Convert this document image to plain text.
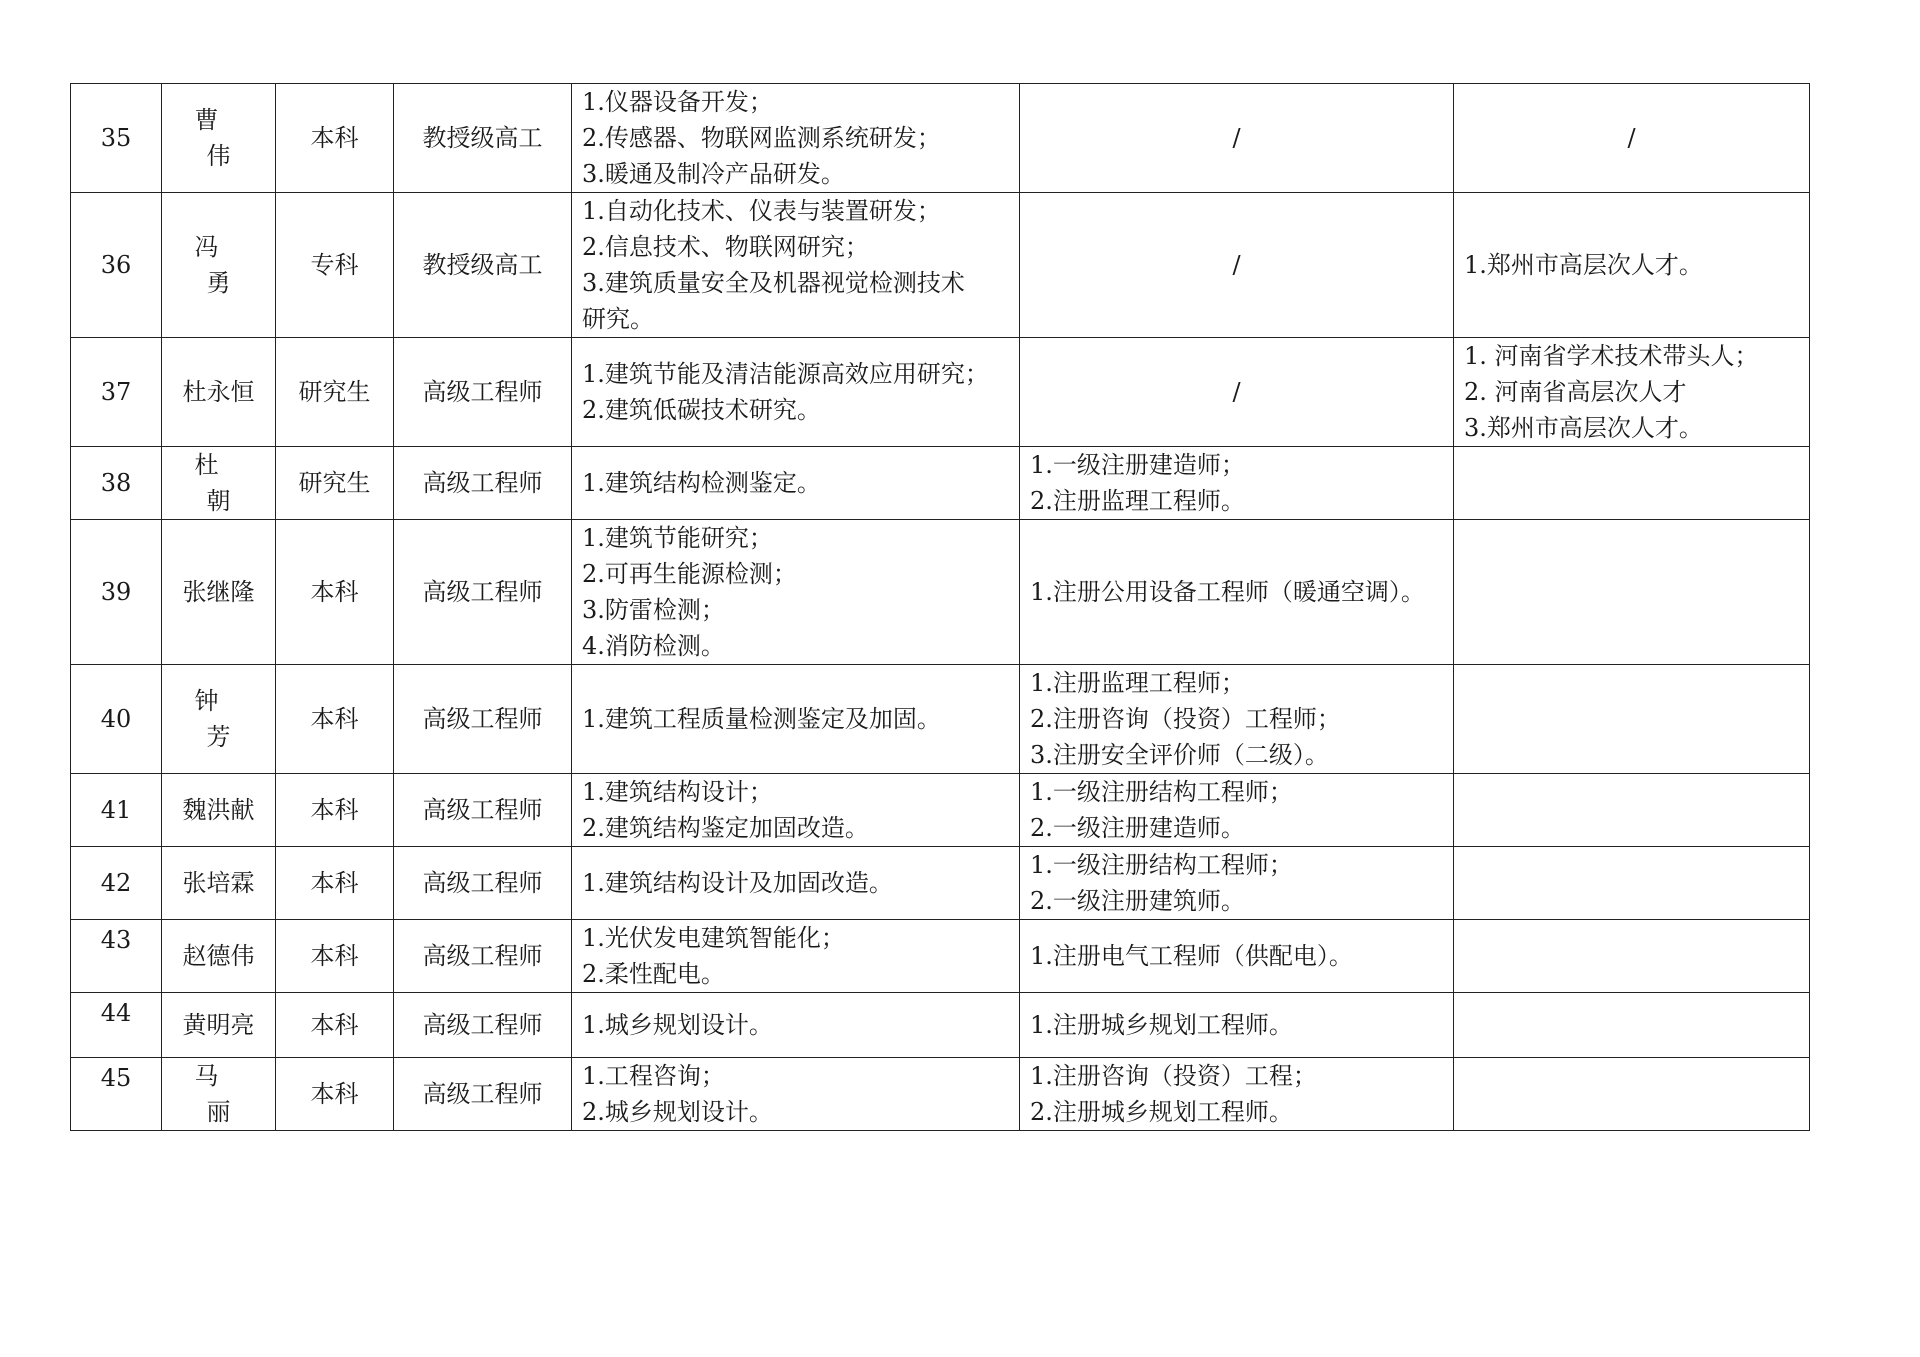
35	曹 伟	本科	教授级高工	1.仪器设备开发；
2.传感器、物联网监测系统研发；
3.暖通及制冷产品研发。	/	/

36	冯 勇	专科	教授级高工	1.自动化技术、仪表与装置研发；
2.信息技术、物联网研究；
3.建筑质量安全及机器视觉检测技术
研究。	/	1.郑州市高层次人才。

37	杜永恒	研究生	高级工程师	1.建筑节能及清洁能源高效应用研究；
2.建筑低碳技术研究。	/	1. 河南省学术技术带头人；
2. 河南省高层次人才
3.郑州市高层次人才。

38	杜 朝	研究生	高级工程师	1.建筑结构检测鉴定。	1.一级注册建造师；
2.注册监理工程师。	

39	张继隆	本科	高级工程师	1.建筑节能研究；
2.可再生能源检测；
3.防雷检测；
4.消防检测。	1.注册公用设备工程师（暖通空调）。	

40	钟 芳	本科	高级工程师	1.建筑工程质量检测鉴定及加固。	1.注册监理工程师；
2.注册咨询（投资）工程师；
3.注册安全评价师（二级）。	

41	魏洪献	本科	高级工程师	1.建筑结构设计；
2.建筑结构鉴定加固改造。	1.一级注册结构工程师；
2.一级注册建造师。	

42	张培霖	本科	高级工程师	1.建筑结构设计及加固改造。	1.一级注册结构工程师；
2.一级注册建筑师。	

43	赵德伟	本科	高级工程师	1.光伏发电建筑智能化；
2.柔性配电。	1.注册电气工程师（供配电）。	

44	黄明亮	本科	高级工程师	1.城乡规划设计。	1.注册城乡规划工程师。	

45	马 丽	本科	高级工程师	1.工程咨询；
2.城乡规划设计。	1.注册咨询（投资）工程；
2.注册城乡规划工程师。	
